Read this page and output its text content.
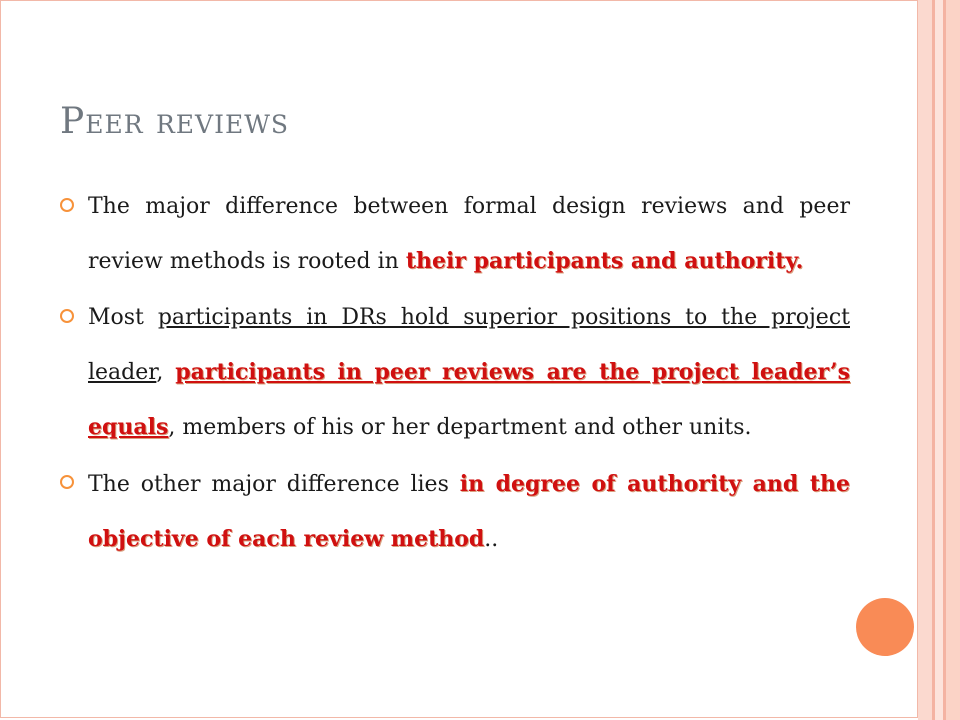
Peer reviews
The major difference between formal design reviews and peer review methods is rooted in their participants and authority.
Most participants in DRs hold superior positions to the project leader, participants in peer reviews are the project leader’s equals, members of his or her department and other units.
The other major difference lies in degree of authority and the objective of each review method..
